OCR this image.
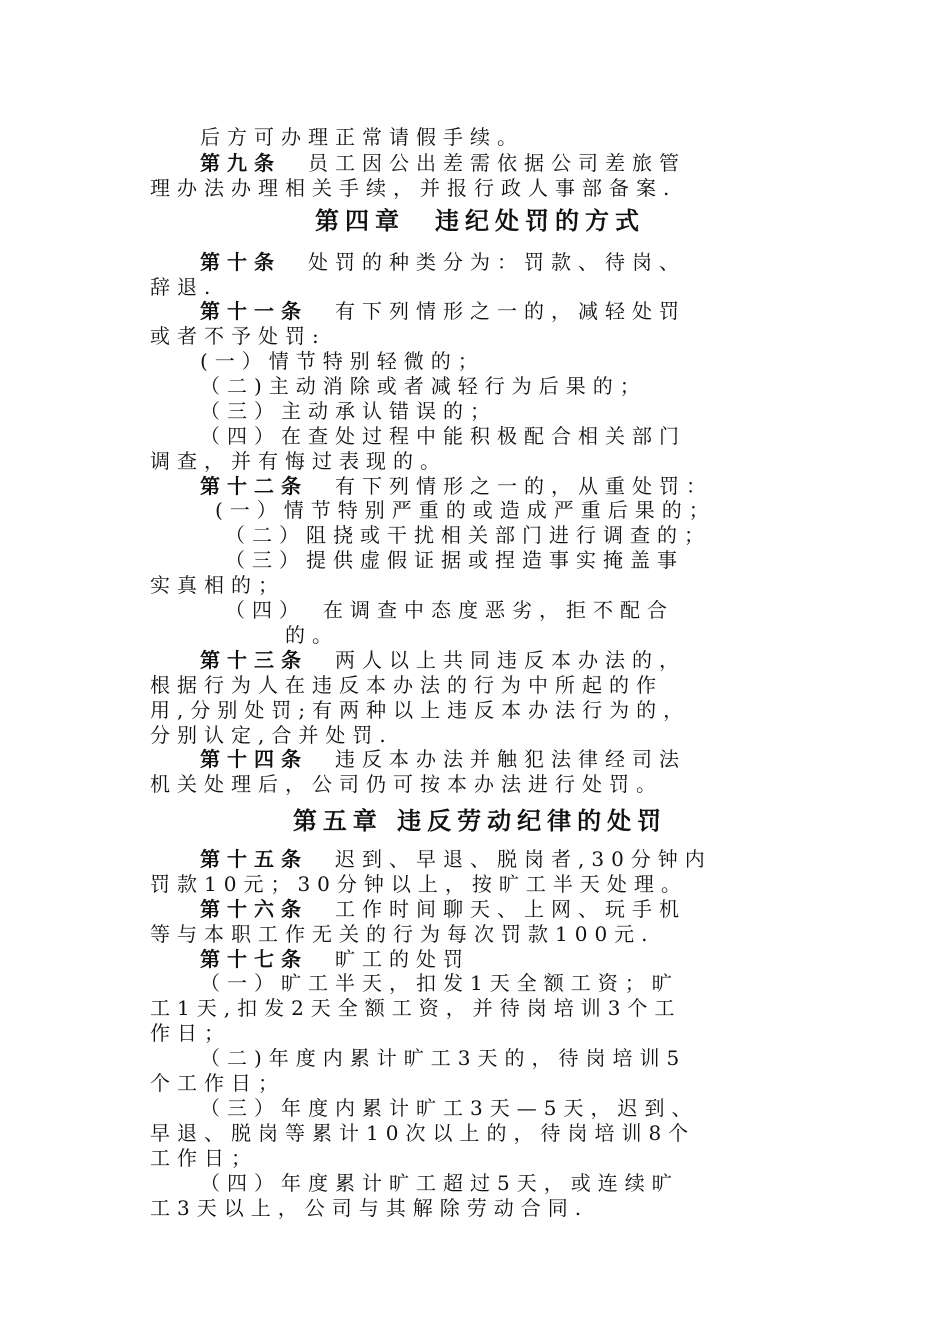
后方可办理正常请假手续。
第九条　 员工因公出差需依据公司差旅管
理办法办理相关手续，并报行政人事部备案.
第四章　违纪处罚的方式
第十条　 处罚的种类分为：罚款、待岗、
辞退.
第十一条　 有下列情形之一的，减轻处罚
或者不予处罚:
(一）情节特别轻微的；
（二)主动消除或者减轻行为后果的；
（三）主动承认错误的；
（四）在查处过程中能积极配合相关部门
调查，并有悔过表现的。
第十二条　 有下列情形之一的，从重处罚：
(一）情节特别严重的或造成严重后果的；
（二）阻挠或干扰相关部门进行调查的；
（三）提供虚假证据或捏造事实掩盖事
实真相的；
（四）　在调查中态度恶劣，拒不配合
的。
第十三条　 两人以上共同违反本办法的，
根据行为人在违反本办法的行为中所起的作
用,分别处罚;有两种以上违反本办法行为的，
分别认定,合并处罚.
第十四条　 违反本办法并触犯法律经司法
机关处理后，公司仍可按本办法进行处罚。
第五章 违反劳动纪律的处罚
第十五条　 迟到、早退、脱岗者,30分钟内
罚款10元；30分钟以上，按旷工半天处理。
第十六条　 工作时间聊天、上网、玩手机
等与本职工作无关的行为每次罚款100元.
第十七条　 旷工的处罚
（一）旷工半天，扣发1天全额工资；旷
工1天,扣发2天全额工资，并待岗培训3个工
作日；
（二)年度内累计旷工3天的，待岗培训5
个工作日；
（三）年度内累计旷工3天—5天，迟到、
早退、脱岗等累计10次以上的，待岗培训8个
工作日；
（四）年度累计旷工超过5天，或连续旷
工3天以上，公司与其解除劳动合同.
